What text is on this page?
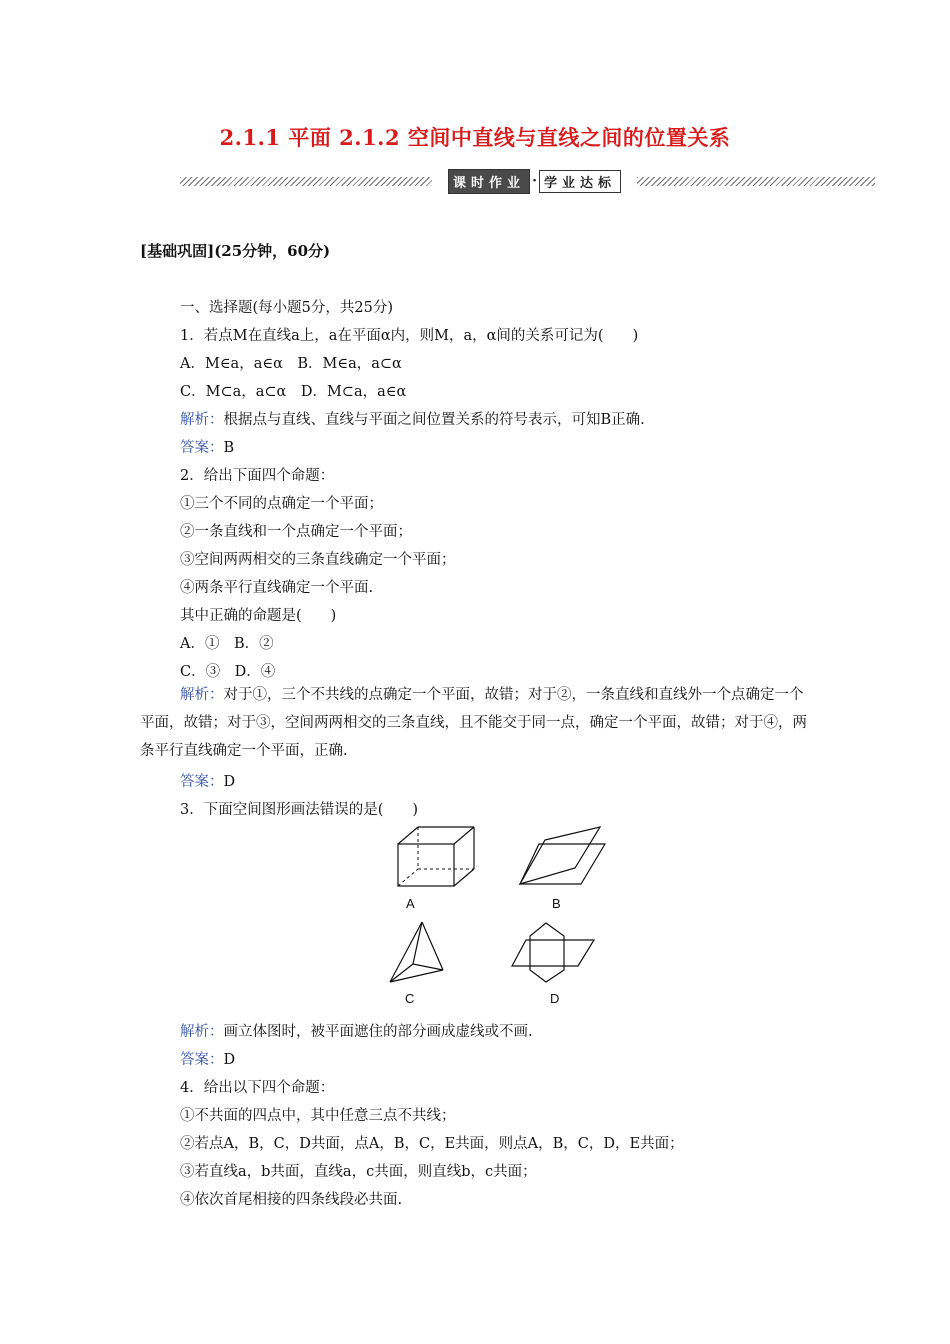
2.1.1 平面 2.1.2 空间中直线与直线之间的位置关系
课时作业 · 学业达标
[基础巩固](25分钟，60分)
一、选择题(每小题5分，共25分)
1．若点M在直线a上，a在平面α内，则M，a，α间的关系可记为(　　)
A．M∈a，a∈α　B．M∈a，a⊂α
C．M⊂a，a⊂α　D．M⊂a，a∈α
解析：根据点与直线、直线与平面之间位置关系的符号表示，可知B正确.
答案：B
2．给出下面四个命题：
①三个不同的点确定一个平面；
②一条直线和一个点确定一个平面；
③空间两两相交的三条直线确定一个平面；
④两条平行直线确定一个平面.
其中正确的命题是(　　)
A．①　B．②
C．③　D．④
解析：对于①，三个不共线的点确定一个平面，故错；对于②，一条直线和直线外一个点确定一个平面，故错；对于③，空间两两相交的三条直线，且不能交于同一点，确定一个平面，故错；对于④，两条平行直线确定一个平面，正确.
答案：D
3．下面空间图形画法错误的是(　　)
A	B
C	D
解析：画立体图时，被平面遮住的部分画成虚线或不画.
答案：D
4．给出以下四个命题：
①不共面的四点中，其中任意三点不共线；
②若点A，B，C，D共面，点A，B，C，E共面，则点A，B，C，D，E共面；
③若直线a，b共面，直线a，c共面，则直线b，c共面；
④依次首尾相接的四条线段必共面.
